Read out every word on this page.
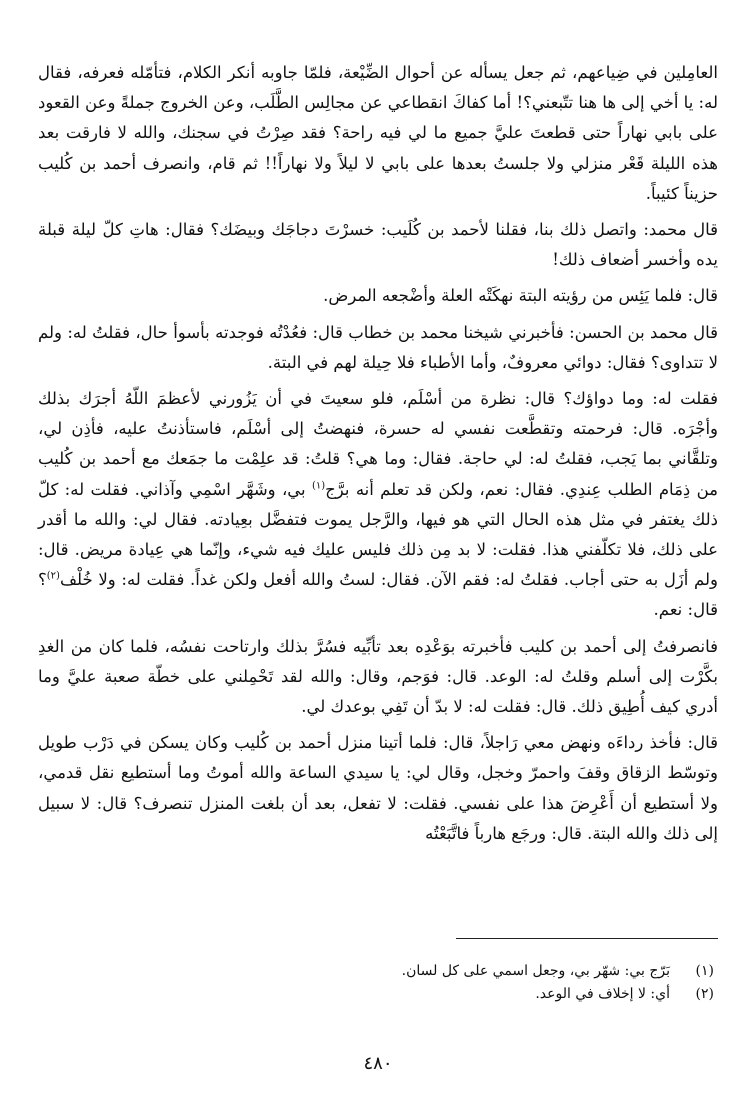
العامِلين في ضِياعهم، ثم جعل يسأله عن أحوال الضِّيْعة، فلمّا جاوبه أنكر الكلام، فتأمّله فعرفه، فقال له: يا أخي إلى ها هنا تتّبعني؟! أما كفاكَ انقطاعي عن مجالِس الطَّلَب، وعن الخروج جملةً وعن القعود على بابي نهاراً حتى قطعتَ عليَّ جميع ما لي فيه راحة؟ فقد صِرْتُ في سجنك، والله لا فارقت بعد هذه الليلة قَعْر منزلي ولا جلستُ بعدها على بابي لا ليلاً ولا نهاراً!! ثم قام، وانصرف أحمد بن كُليب حزيناً كئيباً.

قال محمد: واتصل ذلك بنا، فقلنا لأحمد بن كُلَيب: خسرْتَ دجاجَك وبيضَك؟ فقال: هاتِ كلّ ليلة قبلة يده وأخسر أضعاف ذلك!

قال: فلما يَئِس من رؤيته البتة نهكَتْه العلة وأضْجعه المرض.

قال محمد بن الحسن: فأخبرني شيخنا محمد بن خطاب قال: فعُدْتُه فوجدته بأسوأ حال، فقلتُ له: ولم لا تتداوى؟ فقال: دوائي معروفٌ، وأما الأطباء فلا حِيلة لهم في البتة.

فقلت له: وما دواؤك؟ قال: نظرة من أسْلَم، فلو سعيتَ في أن يَزُورني لأعظمَ اللّهُ أجرَك بذلك وأجْرَه. قال: فرحمته وتقطَّعت نفسي له حسرة، فنهضتُ إلى أسْلَم، فاستأذنتُ عليه، فأذِن لي، وتلقَّاني بما يَجب، فقلتُ له: لي حاجة. فقال: وما هي؟ قلتُ: قد علِمْت ما جمَعك مع أحمد بن كُليب من ذِمَام الطلب عِندِي. فقال: نعم، ولكن قد تعلم أنه برَّج$^{(١)}$ بي، وشَهَّر اسْمِي وآذاني. فقلت له: كلّ ذلك يغتفر في مثل هذه الحال التي هو فيها، والرَّجل يموت فتفضَّل بعِيادته. فقال لي: والله ما أقدر على ذلك، فلا تكلّفني هذا. فقلت: لا بد مِن ذلك فليس عليك فيه شيء، وإنّما هي عِيادة مريض. قال: ولم أزَل به حتى أجاب. فقلتُ له: فقم الآن. فقال: لستُ والله أفعل ولكن غداً. فقلت له: ولا خُلْف$^{(٢)}$؟ قال: نعم.

فانصرفتُ إلى أحمد بن كليب فأخبرته بوَعْدِه بعد تأبِّيه فسُرَّ بذلك وارتاحت نفسُه، فلما كان من الغدِ بكَّرْت إلى أسلم وقلتُ له: الوعد. قال: فوَجم، وقال: والله لقد تَحْمِلني على خطّة صعبة عليَّ وما أدري كيف أُطِيق ذلك. قال: فقلت له: لا بدّ أن تَفِي بوعدك لي.

قال: فأخذ رداءَه ونهض معي رَاجلاً، قال: فلما أتينا منزل أحمد بن كُليب وكان يسكن في دَرْب طويل وتوسّط الزقاق وقفَ واحمرّ وخجل، وقال لي: يا سيدي الساعة والله أموتُ وما أستطيع نقل قدمي، ولا أستطيع أن أَعْرِضَ هذا على نفسي. فقلت: لا تفعل، بعد أن بلغت المنزل تنصرف؟ قال: لا سبيل إلى ذلك والله البتة. قال: ورجَع هارباً فاتَّبَعْتُه

(١)
بَرّج بي: شهّر بي، وجعل اسمي على كل لسان.
(٢)
أي: لا إخلاف في الوعد.
٤٨٠
